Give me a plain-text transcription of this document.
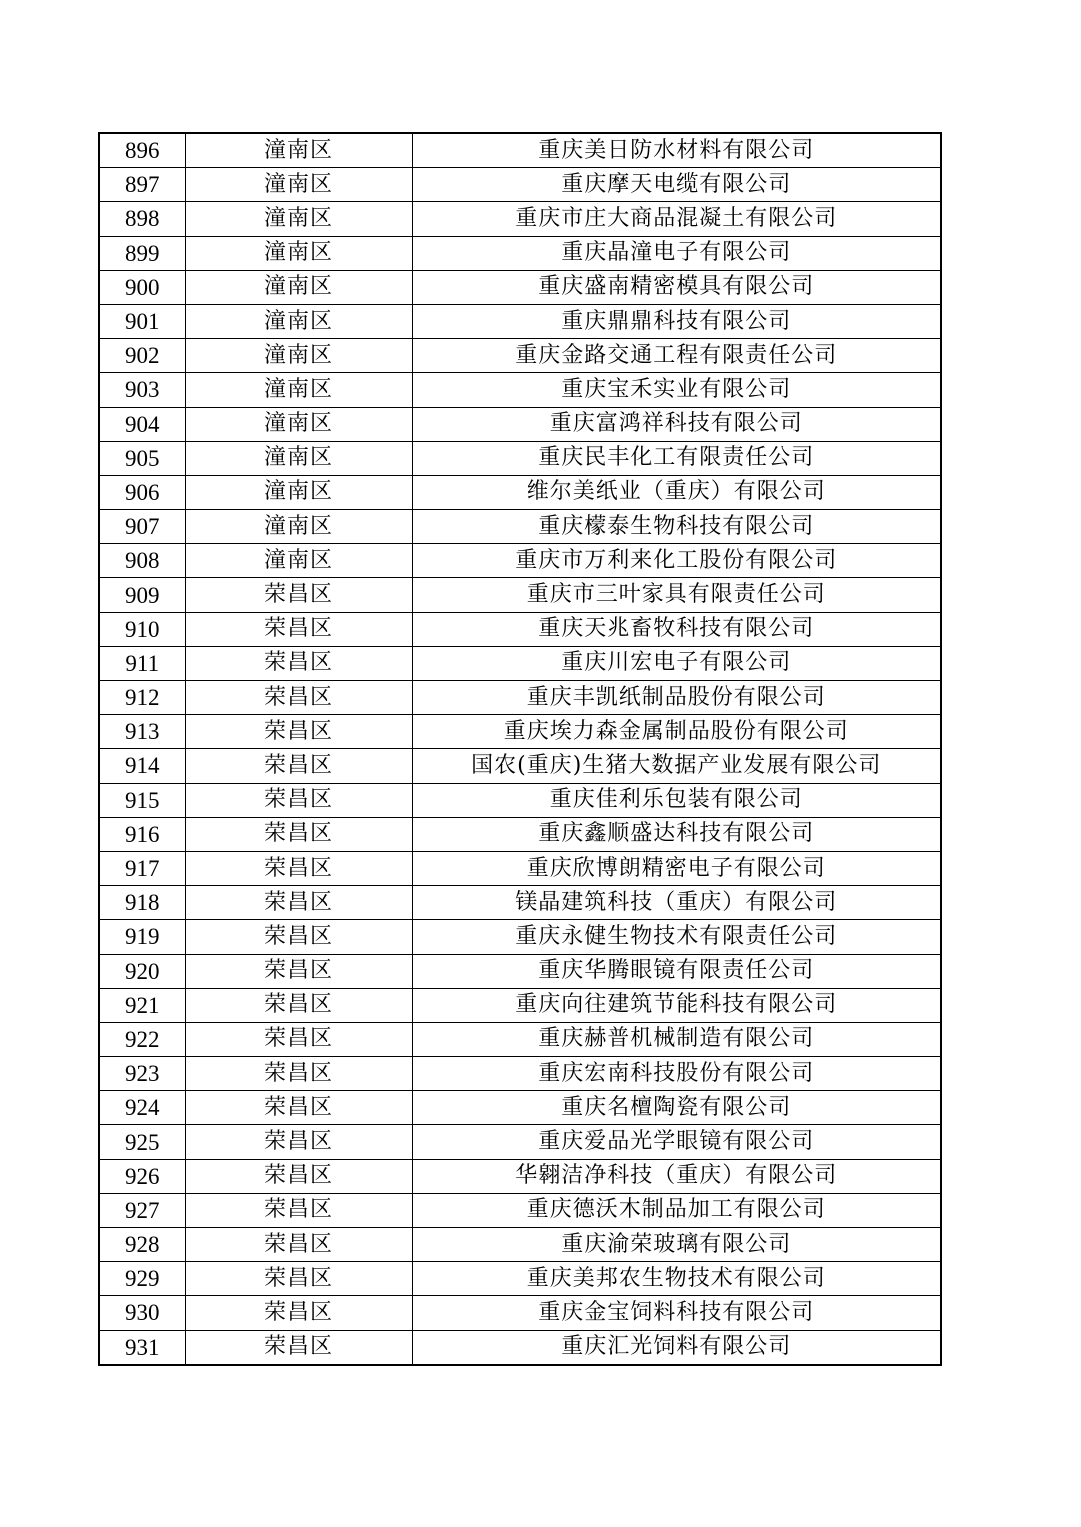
896	潼南区	重庆美日防水材料有限公司
897	潼南区	重庆摩天电缆有限公司
898	潼南区	重庆市庄大商品混凝土有限公司
899	潼南区	重庆晶潼电子有限公司
900	潼南区	重庆盛南精密模具有限公司
901	潼南区	重庆鼎鼎科技有限公司
902	潼南区	重庆金路交通工程有限责任公司
903	潼南区	重庆宝禾实业有限公司
904	潼南区	重庆富鸿祥科技有限公司
905	潼南区	重庆民丰化工有限责任公司
906	潼南区	维尔美纸业（重庆）有限公司
907	潼南区	重庆檬泰生物科技有限公司
908	潼南区	重庆市万利来化工股份有限公司
909	荣昌区	重庆市三叶家具有限责任公司
910	荣昌区	重庆天兆畜牧科技有限公司
911	荣昌区	重庆川宏电子有限公司
912	荣昌区	重庆丰凯纸制品股份有限公司
913	荣昌区	重庆埃力森金属制品股份有限公司
914	荣昌区	国农(重庆)生猪大数据产业发展有限公司
915	荣昌区	重庆佳利乐包装有限公司
916	荣昌区	重庆鑫顺盛达科技有限公司
917	荣昌区	重庆欣博朗精密电子有限公司
918	荣昌区	镁晶建筑科技（重庆）有限公司
919	荣昌区	重庆永健生物技术有限责任公司
920	荣昌区	重庆华腾眼镜有限责任公司
921	荣昌区	重庆向往建筑节能科技有限公司
922	荣昌区	重庆赫普机械制造有限公司
923	荣昌区	重庆宏南科技股份有限公司
924	荣昌区	重庆名檀陶瓷有限公司
925	荣昌区	重庆爱品光学眼镜有限公司
926	荣昌区	华翱洁净科技（重庆）有限公司
927	荣昌区	重庆德沃木制品加工有限公司
928	荣昌区	重庆渝荣玻璃有限公司
929	荣昌区	重庆美邦农生物技术有限公司
930	荣昌区	重庆金宝饲料科技有限公司
931	荣昌区	重庆汇光饲料有限公司
